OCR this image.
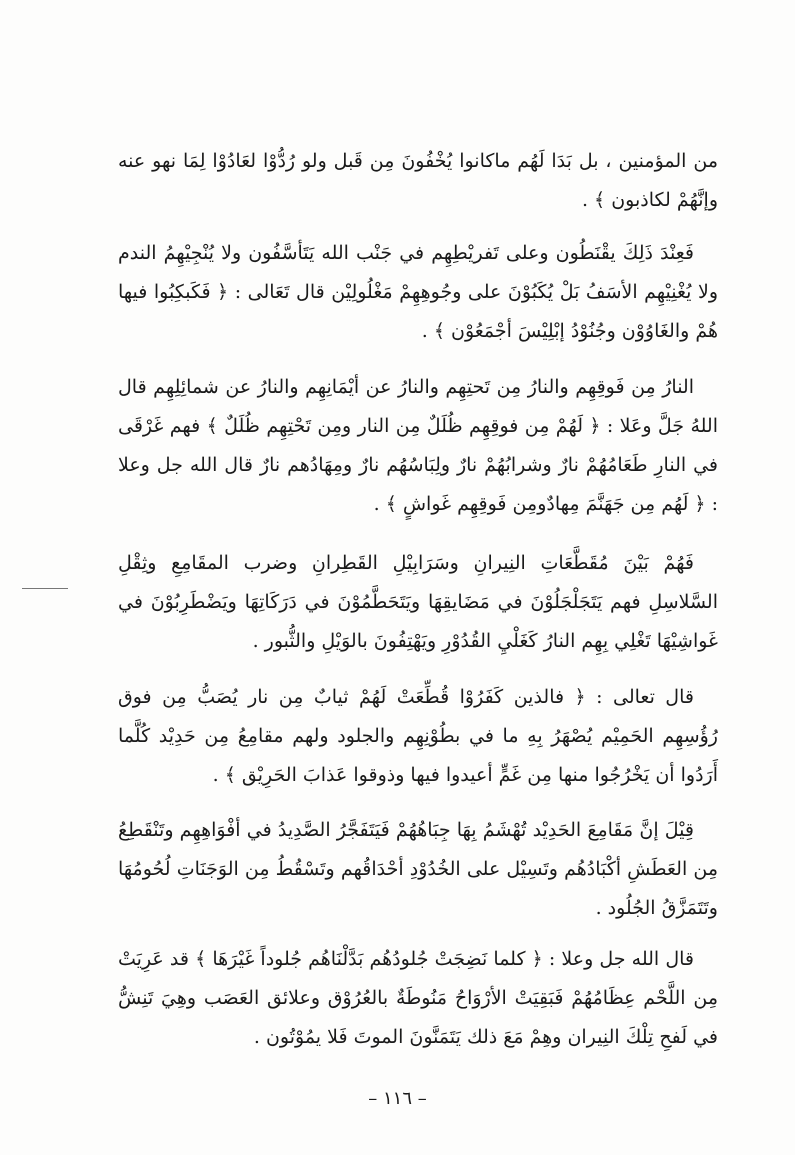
من المؤمنين ، بل بَدَا لَهُم ماكانوا يُخْفُونَ مِن قَبل ولو رُدُّوْا لعَادُوْا لِمَا نهو عنه وإنَّهُمْ لكاذبون ﴾ .

فَعِنْدَ ذَلِكَ يقْنَطُون وعلى تَفريْطِهِم في جَنْب الله يَتَأسَّفُون ولا يُنْجِيْهِمُ الندم ولا يُغْنِيْهِم الأسَفُ بَلْ يُكَبُوْنَ على وجُوهِهِمْ مَغْلُولِيْن قال تَعَالى : ﴿ فَكَبكِبُوا فيها هُمْ والغَاوُوْن وجُنُوْدُ إبْلِيْسَ أجْمَعُوْن ﴾ .

النارُ مِن فَوقِهِم والنارُ مِن تَحتِهِم والنارُ عن أيْمَانِهِم والنارُ عن شمائِلِهِم قال اللهُ جَلَّ وعَلا : ﴿ لَهُمْ مِن فوقِهِم ظُلَلٌ مِن النار ومِن تَحْتِهِم ظُلَلٌ ﴾ فهم غَرْقَى في النارِ طَعَامُهُمْ نارٌ وشرابُهُمْ نارٌ ولِبَاسُهُم نارٌ ومِهَادُهم نارٌ قال الله جل وعلا : ﴿ لَهُم مِن جَهَنَّمَ مِهادٌومِن فَوقِهِم غَواشٍ ﴾ .

فَهُمْ بَيْنَ مُقَطَّعَاتِ النِيرانِ وسَرَابِيْلِ القَطِرانِ وضرب المقَامِعِ وثِقْلِ السَّلاسِلِ فهم يَتَجَلْجَلُوْنَ في مَضَايقِهَا ويَتَحَطَّمُوْنَ في دَرَكَاتِهَا ويَضْطَرِبُوْنَ في غَواشِيْهَا تَغْلِي بِهِم النارُ كَغَلْيِ القُدُوْرِ ويَهْتِفُونَ بالوَيْلِ والثُّبور .

قال تعالى : ﴿ فالذين كَفَرُوْا قُطِّعَتْ لَهُمْ ثيابٌ مِن نار يُصَبُّ مِن فوق رُؤُسِهِم الحَمِيْم يُصْهَرُ بِهِ ما في بطُوْنِهِم والجلود ولهم مقامِعُ مِن حَدِيْد كُلَّما أَرَدُوا أن يَخْرُجُوا منها مِن غَمٍّ أعيدوا فيها وذوقوا عَذابَ الحَرِيْق ﴾ .

قِيْلَ إنَّ مَقَامِعَ الحَدِيْد تُهْشَمُ بِهَا جِبَاهُهُمْ فَيَتَفَجَّرُ الصَّدِيدُ في أفْوَاهِهِم وتَنْقَطِعُ مِن العَطَشِ أكْبَادُهُم وتَسِيْل على الخُدُوْدِ أحْدَاقُهم وتَسْقُطُ مِن الوَجَنَاتِ لُحُومُهَا وتَتَمَزَّقُ الجُلُود .

قال الله جل وعلا : ﴿ كلما نَضِجَتْ جُلودُهُم بَدَّلْنَاهُم جُلوداً غَيْرَهَا ﴾ قد عَرِيَتْ مِن اللَّحْم عِظَامُهُمْ فَبَقِيَتْ الأرْوَاحُ مَنُوطَةٌ بالعُرُوْق وعلائق العَصَب وهِيَ تَنِشُّ في لَفحِ تِلْكَ النِيران وهِمْ مَعَ ذلك يَتَمَنَّونَ الموتَ فَلا يمُوْتُون .

– ١١٦ –
